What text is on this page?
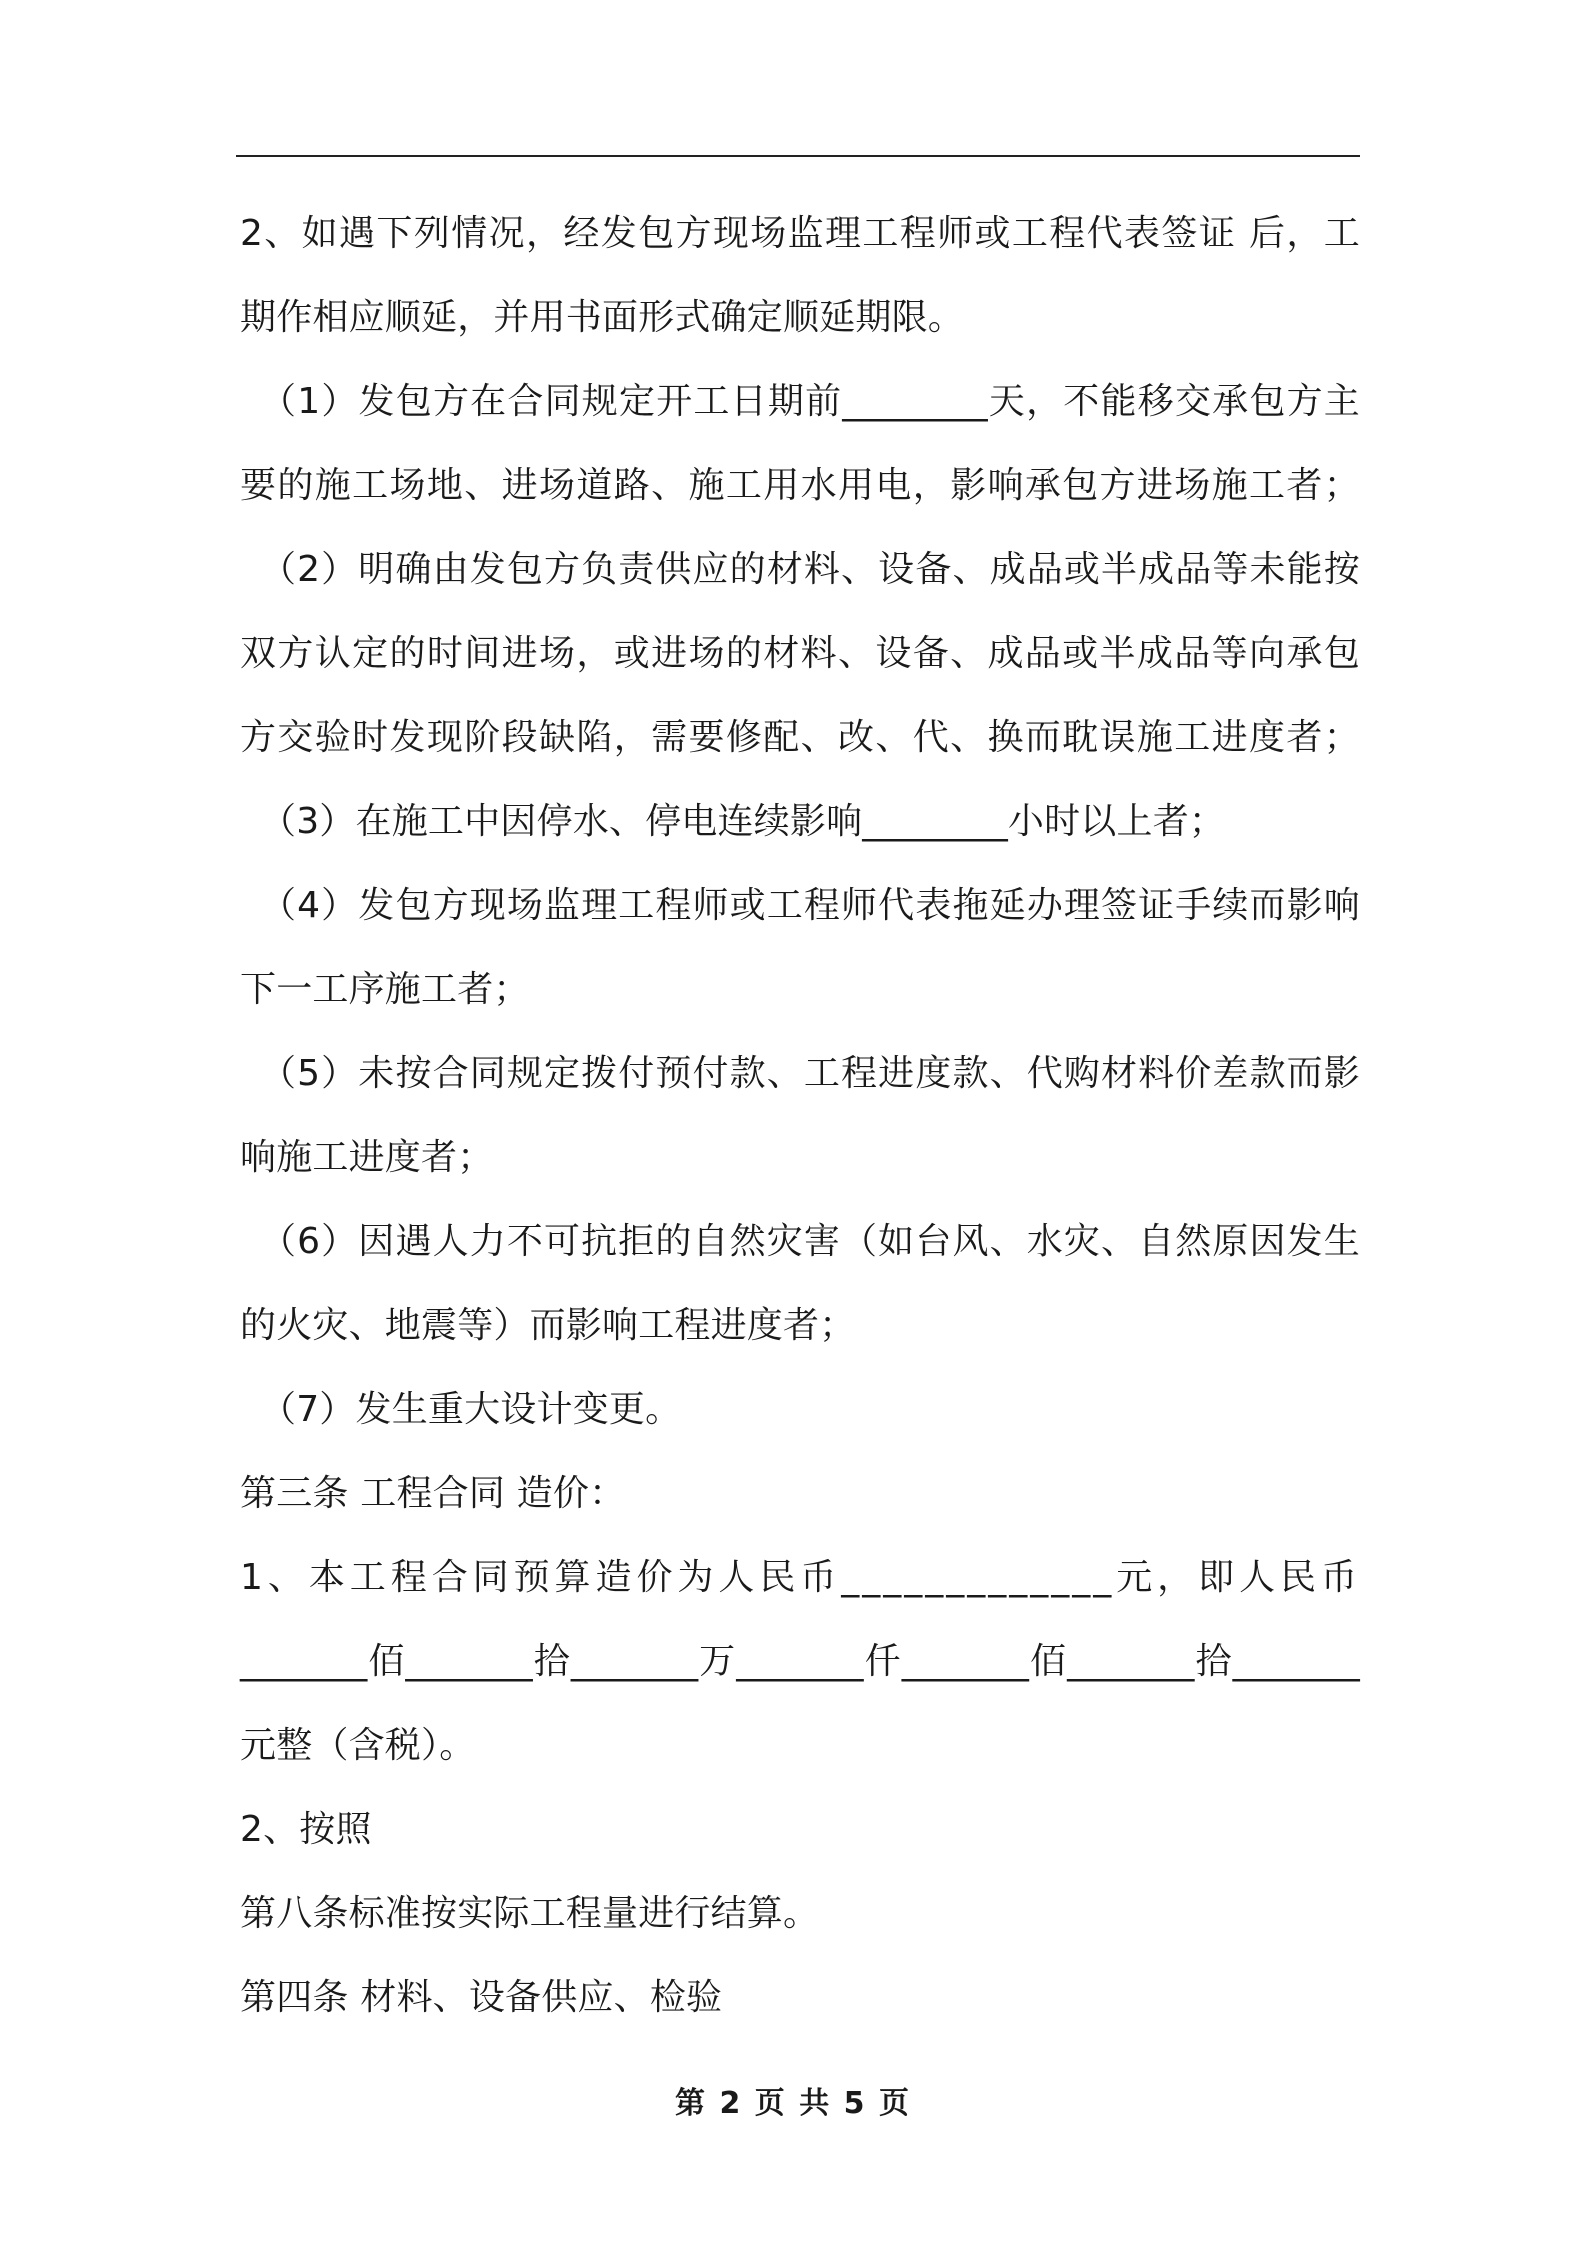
2、如遇下列情况，经发包方现场监理工程师或工程代表签证 后，工
期作相应顺延，并用书面形式确定顺延期限。
（1）发包方在合同规定开工日期前________天，不能移交承包方主
要的施工场地、进场道路、施工用水用电，影响承包方进场施工者；
（2）明确由发包方负责供应的材料、设备、成品或半成品等未能按
双方认定的时间进场，或进场的材料、设备、成品或半成品等向承包
方交验时发现阶段缺陷，需要修配、改、代、换而耽误施工进度者；
（3）在施工中因停水、停电连续影响________小时以上者；
（4）发包方现场监理工程师或工程师代表拖延办理签证手续而影响
下一工序施工者；
（5）未按合同规定拨付预付款、工程进度款、代购材料价差款而影
响施工进度者；
（6）因遇人力不可抗拒的自然灾害（如台风、水灾、自然原因发生
的火灾、地震等）而影响工程进度者；
（7）发生重大设计变更。
第三条 工程合同 造价：
1、本工程合同预算造价为人民币_____________元，即人民币
_______佰_______拾_______万_______仟_______佰_______拾_______
元整（含税）。
2、按照
第八条标准按实际工程量进行结算。
第四条 材料、设备供应、检验
第 2 页 共 5 页
